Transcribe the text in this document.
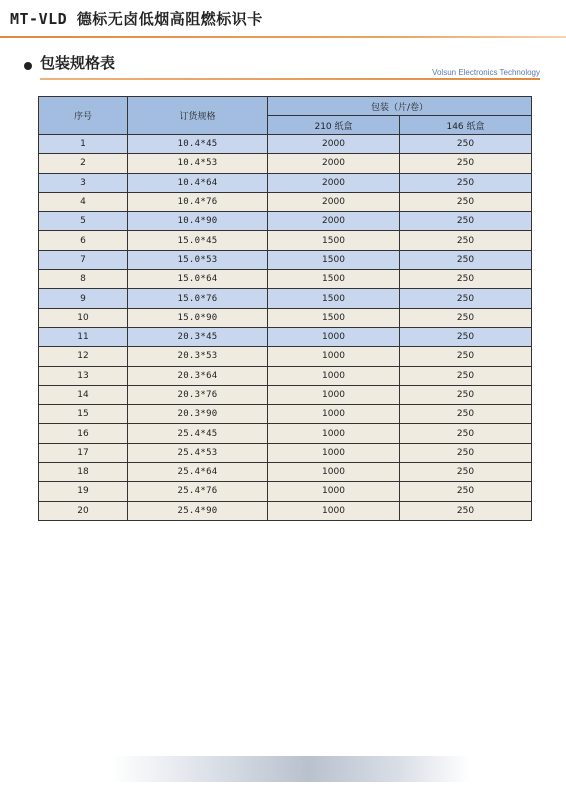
MT-VLD 德标无卤低烟高阻燃标识卡
包装规格表
Volsun Electronics Technology
序号	订货规格	包装（片/卷）	
		210 纸盒	146 纸盒
1	10.4*45	2000	250
2	10.4*53	2000	250
3	10.4*64	2000	250
4	10.4*76	2000	250
5	10.4*90	2000	250
6	15.0*45	1500	250
7	15.0*53	1500	250
8	15.0*64	1500	250
9	15.0*76	1500	250
10	15.0*90	1500	250
11	20.3*45	1000	250
12	20.3*53	1000	250
13	20.3*64	1000	250
14	20.3*76	1000	250
15	20.3*90	1000	250
16	25.4*45	1000	250
17	25.4*53	1000	250
18	25.4*64	1000	250
19	25.4*76	1000	250
20	25.4*90	1000	250
